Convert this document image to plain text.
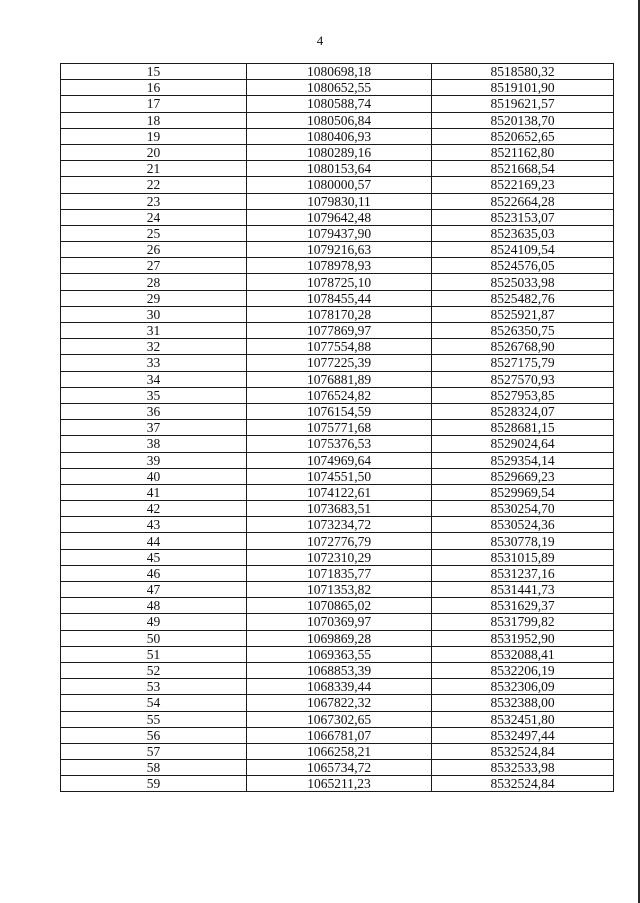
4
15	1080698,18	8518580,32
16	1080652,55	8519101,90
17	1080588,74	8519621,57
18	1080506,84	8520138,70
19	1080406,93	8520652,65
20	1080289,16	8521162,80
21	1080153,64	8521668,54
22	1080000,57	8522169,23
23	1079830,11	8522664,28
24	1079642,48	8523153,07
25	1079437,90	8523635,03
26	1079216,63	8524109,54
27	1078978,93	8524576,05
28	1078725,10	8525033,98
29	1078455,44	8525482,76
30	1078170,28	8525921,87
31	1077869,97	8526350,75
32	1077554,88	8526768,90
33	1077225,39	8527175,79
34	1076881,89	8527570,93
35	1076524,82	8527953,85
36	1076154,59	8528324,07
37	1075771,68	8528681,15
38	1075376,53	8529024,64
39	1074969,64	8529354,14
40	1074551,50	8529669,23
41	1074122,61	8529969,54
42	1073683,51	8530254,70
43	1073234,72	8530524,36
44	1072776,79	8530778,19
45	1072310,29	8531015,89
46	1071835,77	8531237,16
47	1071353,82	8531441,73
48	1070865,02	8531629,37
49	1070369,97	8531799,82
50	1069869,28	8531952,90
51	1069363,55	8532088,41
52	1068853,39	8532206,19
53	1068339,44	8532306,09
54	1067822,32	8532388,00
55	1067302,65	8532451,80
56	1066781,07	8532497,44
57	1066258,21	8532524,84
58	1065734,72	8532533,98
59	1065211,23	8532524,84
